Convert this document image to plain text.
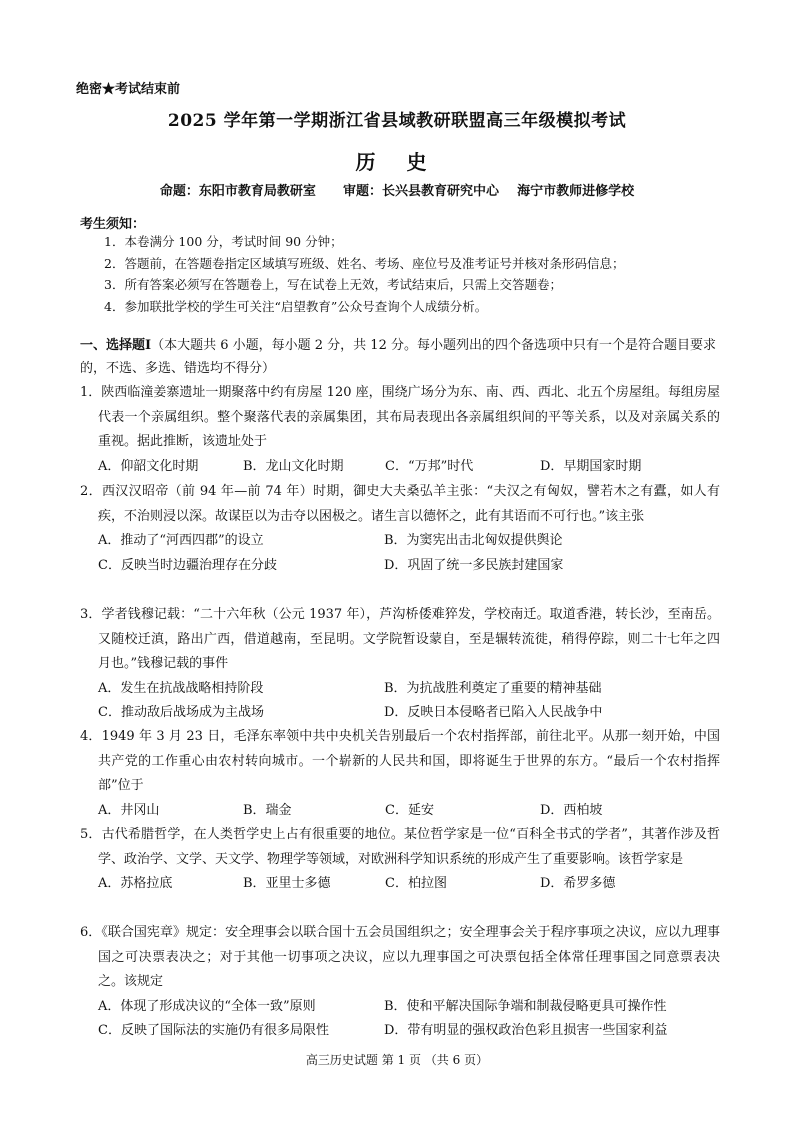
绝密★考试结束前
2025 学年第一学期浙江省县域教研联盟高三年级模拟考试
历 史
命题：东阳市教育局教研室      审题：长兴县教育研究中心    海宁市教师进修学校
考生须知：
1．本卷满分 100 分，考试时间 90 分钟；
2．答题前，在答题卷指定区域填写班级、姓名、考场、座位号及准考证号并核对条形码信息；
3．所有答案必须写在答题卷上，写在试卷上无效，考试结束后，只需上交答题卷；
4．参加联批学校的学生可关注“启望教育”公众号查询个人成绩分析。
一、选择题Ⅰ（本大题共 6 小题，每小题 2 分，共 12 分。每小题列出的四个备选项中只有一个是符合题目要求的，不选、多选、错选均不得分）
1．陕西临潼姜寨遗址一期聚落中约有房屋 120 座，围绕广场分为东、南、西、西北、北五个房屋组。每组房屋代表一个亲属组织。整个聚落代表的亲属集团，其布局表现出各亲属组织间的平等关系，以及对亲属关系的重视。据此推断，该遗址处于
A．仰韶文化时期	B．龙山文化时期	C．“万邦”时代	D．早期国家时期
2．西汉汉昭帝（前 94 年—前 74 年）时期，御史大夫桑弘羊主张：“夫汉之有匈奴，譬若木之有蠹，如人有疾，不治则浸以深。故谋臣以为击夺以困极之。诸生言以德怀之，此有其语而不可行也。”该主张
A．推动了“河西四郡”的设立	B．为窦宪出击北匈奴提供舆论
C．反映当时边疆治理存在分歧	D．巩固了统一多民族封建国家
3．学者钱穆记载：“二十六年秋（公元 1937 年），芦沟桥倭难猝发，学校南迁。取道香港，转长沙，至南岳。又随校迁滇，路出广西，借道越南，至昆明。文学院暂设蒙自，至是辗转流徙，稍得停踪，则二十七年之四月也。”钱穆记载的事件
A．发生在抗战战略相持阶段	B．为抗战胜利奠定了重要的精神基础
C．推动敌后战场成为主战场	D．反映日本侵略者已陷入人民战争中
4．1949 年 3 月 23 日，毛泽东率领中共中央机关告别最后一个农村指挥部，前往北平。从那一刻开始，中国共产党的工作重心由农村转向城市。一个崭新的人民共和国，即将诞生于世界的东方。“最后一个农村指挥部”位于
A．井冈山	B．瑞金	C．延安	D．西柏坡
5．古代希腊哲学，在人类哲学史上占有很重要的地位。某位哲学家是一位“百科全书式的学者”，其著作涉及哲学、政治学、文学、天文学、物理学等领域，对欧洲科学知识系统的形成产生了重要影响。该哲学家是
A．苏格拉底	B．亚里士多德	C．柏拉图	D．希罗多德
6．《联合国宪章》规定：安全理事会以联合国十五会员国组织之；安全理事会关于程序事项之决议，应以九理事国之可决票表决之；对于其他一切事项之决议，应以九理事国之可决票包括全体常任理事国之同意票表决之。该规定
A．体现了形成决议的“全体一致”原则	B．使和平解决国际争端和制裁侵略更具可操作性
C．反映了国际法的实施仍有很多局限性	D．带有明显的强权政治色彩且损害一些国家利益
高三历史试题 第 1 页 （共 6 页）
